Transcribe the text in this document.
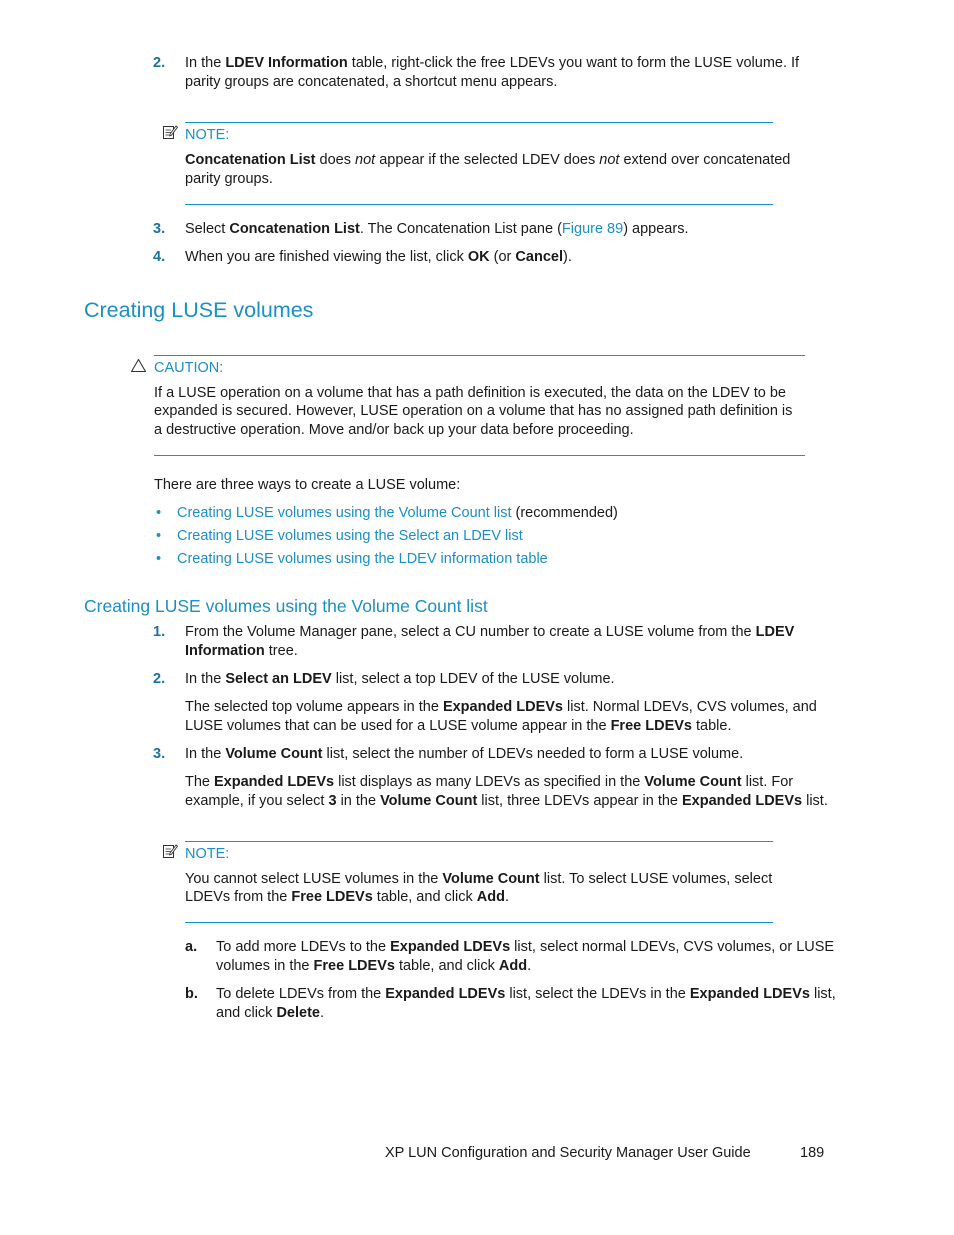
2. In the LDEV Information table, right-click the free LDEVs you want to form the LUSE volume. If
parity groups are concatenated, a shortcut menu appears.
NOTE:
Concatenation List does not appear if the selected LDEV does not extend over concatenated
parity groups.
3. Select Concatenation List. The Concatenation List pane (Figure 89) appears.
4. When you are finished viewing the list, click OK (or Cancel).
Creating LUSE volumes
CAUTION:
If a LUSE operation on a volume that has a path definition is executed, the data on the LDEV to be
expanded is secured. However, LUSE operation on a volume that has no assigned path definition is
a destructive operation. Move and/or back up your data before proceeding.
There are three ways to create a LUSE volume:
• Creating LUSE volumes using the Volume Count list (recommended)
• Creating LUSE volumes using the Select an LDEV list
• Creating LUSE volumes using the LDEV information table
Creating LUSE volumes using the Volume Count list
1. From the Volume Manager pane, select a CU number to create a LUSE volume from the LDEV
Information tree.
2. In the Select an LDEV list, select a top LDEV of the LUSE volume.
The selected top volume appears in the Expanded LDEVs list. Normal LDEVs, CVS volumes, and
LUSE volumes that can be used for a LUSE volume appear in the Free LDEVs table.
3. In the Volume Count list, select the number of LDEVs needed to form a LUSE volume.
The Expanded LDEVs list displays as many LDEVs as specified in the Volume Count list. For
example, if you select 3 in the Volume Count list, three LDEVs appear in the Expanded LDEVs list.
NOTE:
You cannot select LUSE volumes in the Volume Count list. To select LUSE volumes, select
LDEVs from the Free LDEVs table, and click Add.
a. To add more LDEVs to the Expanded LDEVs list, select normal LDEVs, CVS volumes, or LUSE
volumes in the Free LDEVs table, and click Add.
b. To delete LDEVs from the Expanded LDEVs list, select the LDEVs in the Expanded LDEVs list,
and click Delete.
XP LUN Configuration and Security Manager User Guide	189
